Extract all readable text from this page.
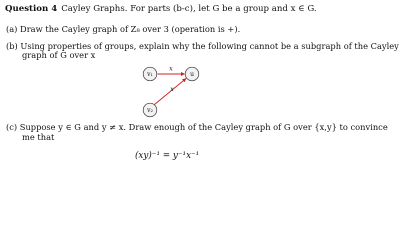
Question 4 Cayley Graphs. For parts (b-c), let G be a group and x ∈ G.
(a) Draw the Cayley graph of Z₈ over 3 (operation is +).
(b) Using properties of groups, explain why the following cannot be a subgraph of the Cayley
graph of G over x
x
x
v₁	u
v₂
(c) Suppose y ∈ G and y ≠ x. Draw enough of the Cayley graph of G over {x,y} to convince
me that
(xy)⁻¹ = y⁻¹x⁻¹
